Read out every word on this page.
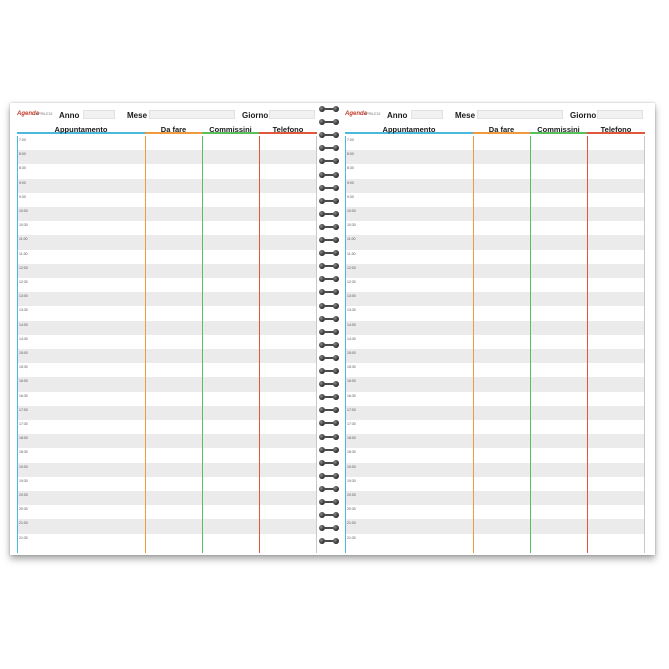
Agenda
APRILE19 Anno	Mese	Giorno
Appuntamento	Da fare	Commissini	Telefono
7:00
8:00
8:30
9:00
9:30
10:00
10:30
11:00
11:30
12:00
12:30
13:00
13:30
14:00
14:30
15:00
15:30
16:00
16:30
17:00
17:30
18:00
18:30
19:00
19:30
20:00
20:30
21:00
21:30
Agenda
APRILE19 Anno	Mese	Giorno
Appuntamento	Da fare	Commissini	Telefono
7:00
8:00
8:30
9:00
9:30
10:00
10:30
11:00
11:30
12:00
12:30
13:00
13:30
14:00
14:30
15:00
15:30
16:00
16:30
17:00
17:30
18:00
18:30
19:00
19:30
20:00
20:30
21:00
21:30
